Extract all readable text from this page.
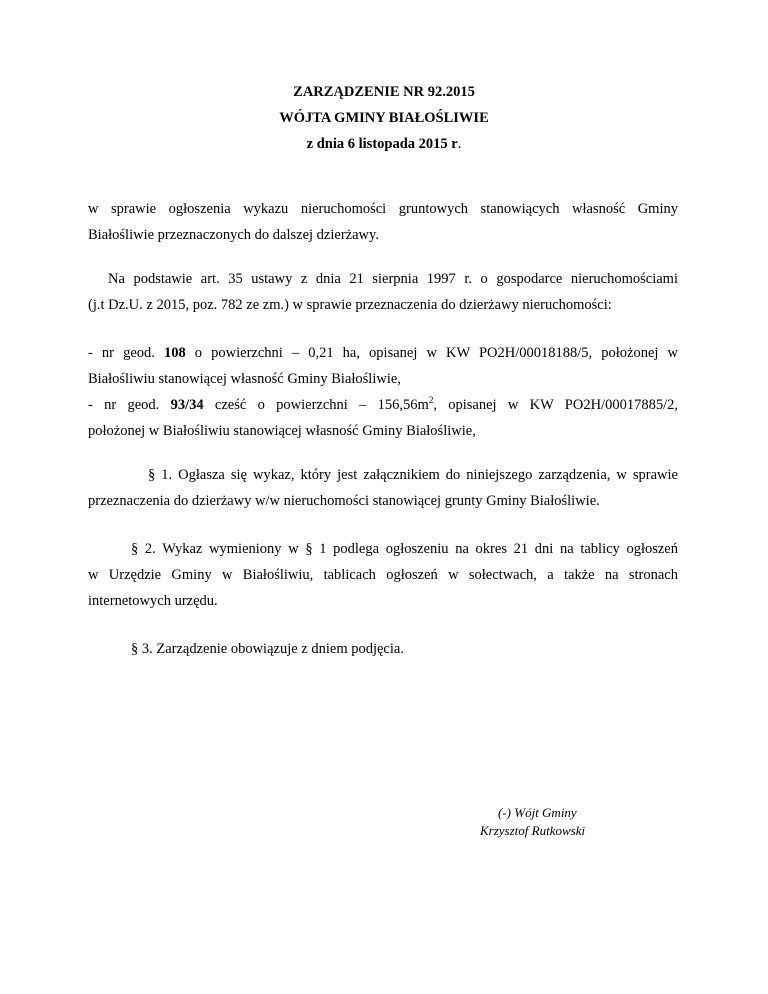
ZARZĄDZENIE NR 92.2015
WÓJTA GMINY BIAŁOŚLIWIE
z dnia 6 listopada 2015 r.
w sprawie ogłoszenia wykazu nieruchomości gruntowych stanowiących własność Gminy
Białośliwie przeznaczonych do dalszej dzierżawy.
Na podstawie art. 35 ustawy z dnia 21 sierpnia 1997 r. o gospodarce nieruchomościami
(j.t Dz.U. z 2015, poz. 782 ze zm.) w sprawie przeznaczenia do dzierżawy nieruchomości:
- nr geod. 108 o powierzchni – 0,21 ha, opisanej w KW PO2H/00018188/5, położonej w
Białośliwiu stanowiącej własność Gminy Białośliwie,
- nr geod. 93/34 cześć o powierzchni – $156,56m^2$, opisanej w KW PO2H/00017885/2,
położonej w Białośliwiu stanowiącej własność Gminy Białośliwie,
§ 1. Ogłasza się wykaz, który jest załącznikiem do niniejszego zarządzenia, w sprawie
przeznaczenia do dzierżawy w/w nieruchomości stanowiącej grunty Gminy Białośliwie.
§ 2. Wykaz wymieniony w § 1 podlega ogłoszeniu na okres 21 dni na tablicy ogłoszeń
w Urzędzie Gminy w Białośliwiu, tablicach ogłoszeń w sołectwach, a także na stronach
internetowych urzędu.
§ 3. Zarządzenie obowiązuje z dniem podjęcia.
(-) Wójt Gminy
Krzysztof Rutkowski
